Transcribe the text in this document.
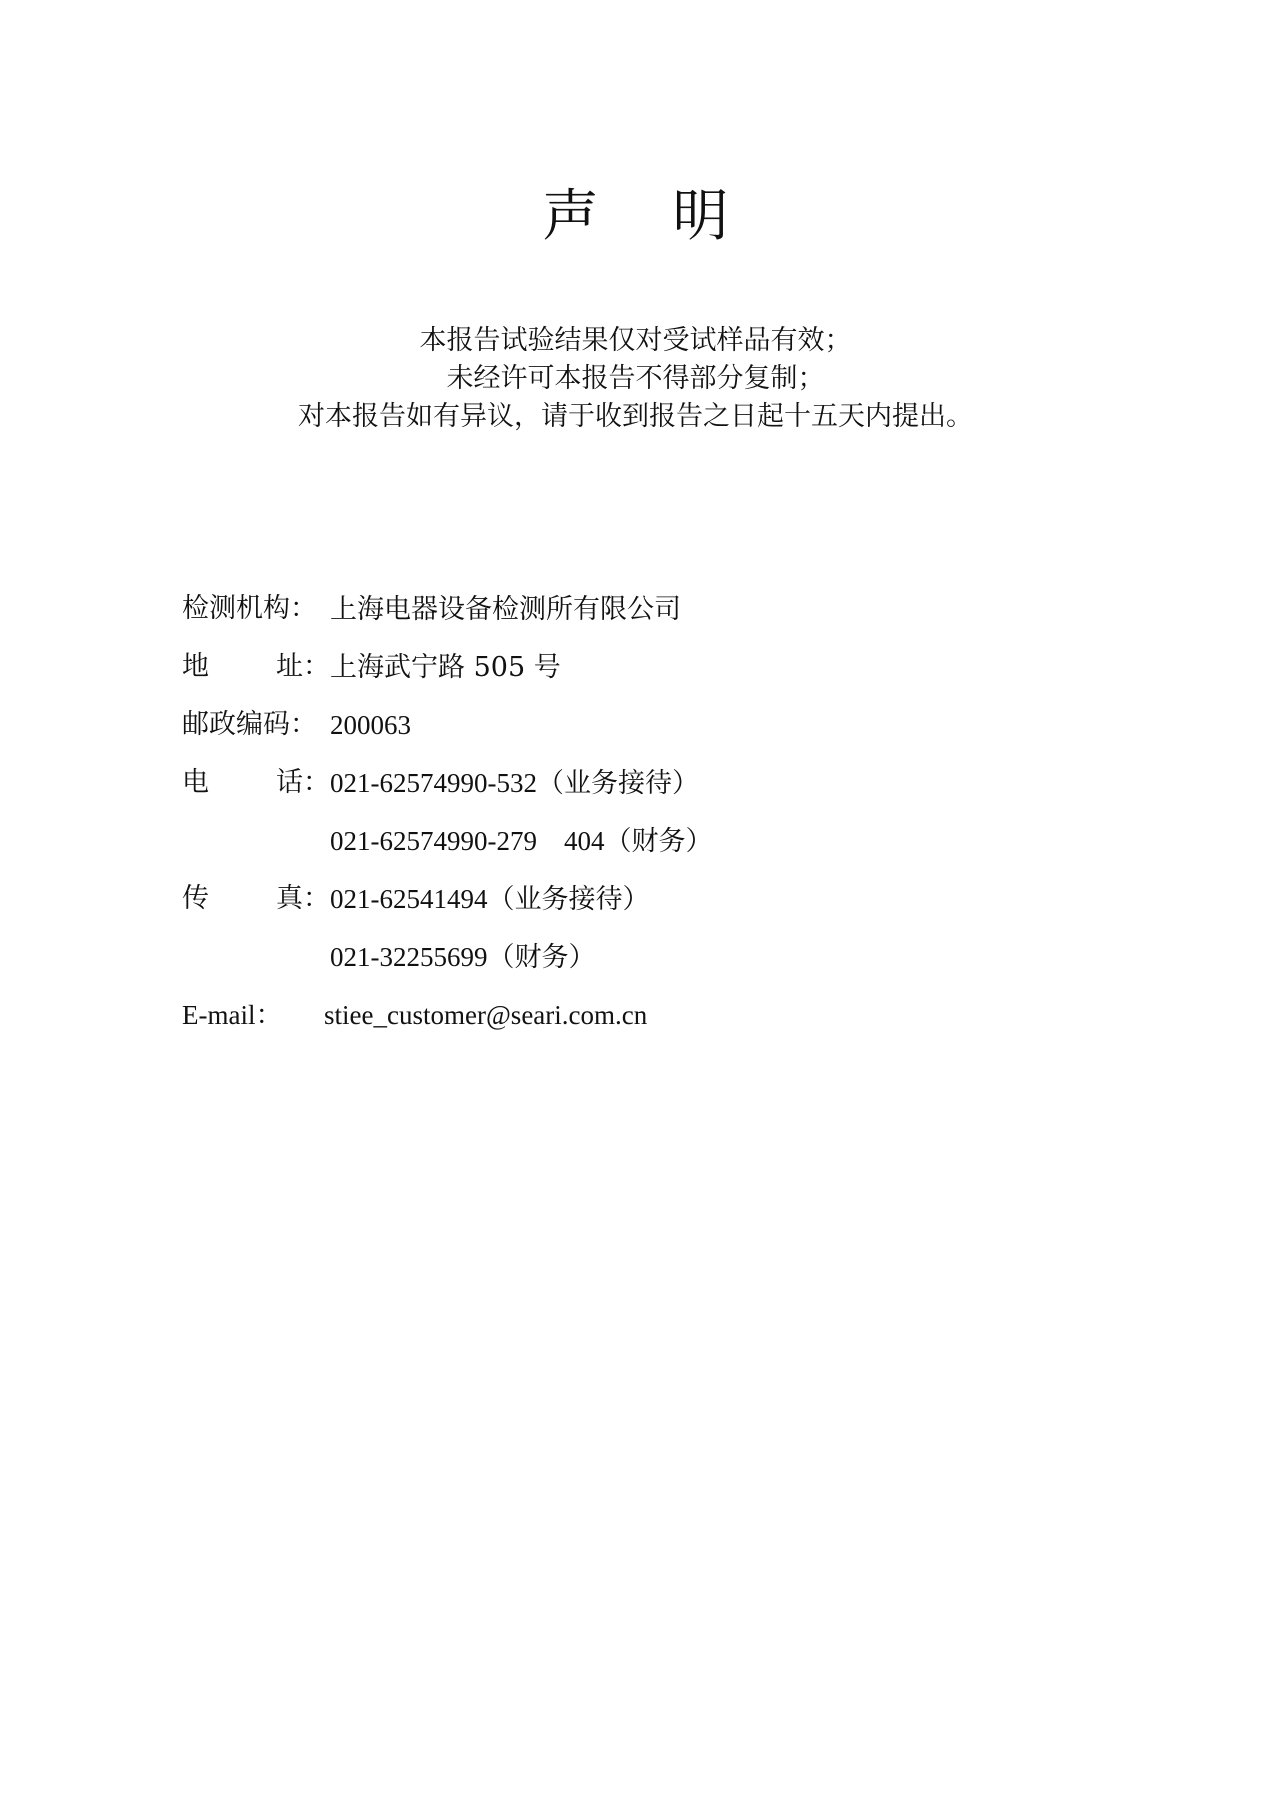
声 明
本报告试验结果仅对受试样品有效；
未经许可本报告不得部分复制；
对本报告如有异议，请于收到报告之日起十五天内提出。
检测机构： 上海电器设备检测所有限公司
地 址： 上海武宁路 505 号
邮政编码： 200063
电 话： 021-62574990-532（业务接待）
021-62574990-279　404（财务）
传 真： 021-62541494（业务接待）
021-32255699（财务）
E-mail： stiee_customer@seari.com.cn
